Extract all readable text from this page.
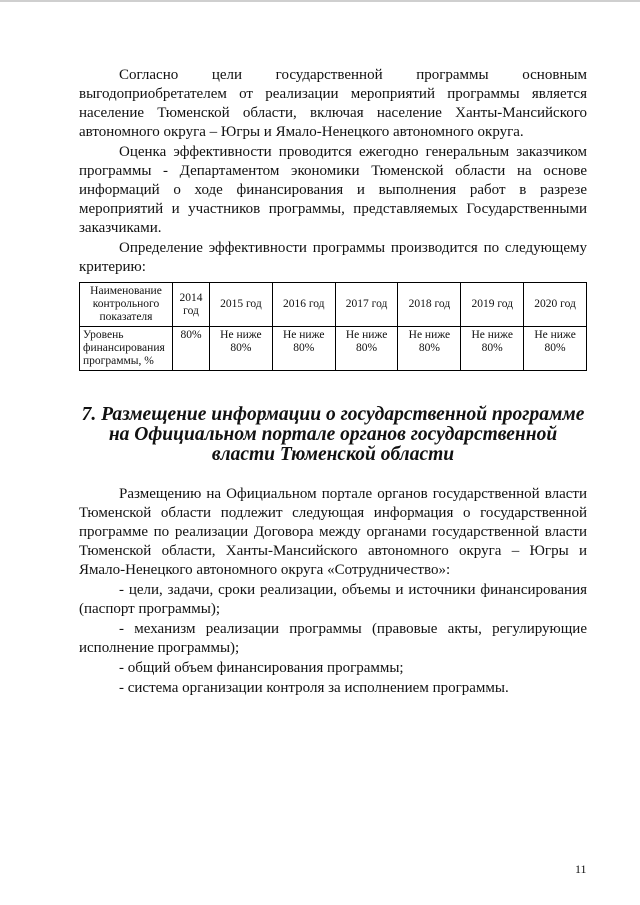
Согласно цели государственной программы основным выгодоприобретателем от реализации мероприятий программы является население Тюменской области, включая население Ханты-Мансийского автономного округа – Югры и Ямало-Ненецкого автономного округа.

Оценка эффективности проводится ежегодно генеральным заказчиком программы - Департаментом экономики Тюменской области на основе информаций о ходе финансирования и выполнения работ в разрезе мероприятий и участников программы, представляемых Государственными заказчиками.

Определение эффективности программы производится по следующему критерию:

Наименование контрольного показателя	2014 год	2015 год	2016 год	2017 год	2018 год	2019 год	2020 год
Уровень финансирования программы, %	80%	Не ниже 80%	Не ниже 80%	Не ниже 80%	Не ниже 80%	Не ниже 80%	Не ниже 80%
7. Размещение информации о государственной программе на Официальном портале органов государственной власти Тюменской области

Размещению на Официальном портале органов государственной власти Тюменской области подлежит следующая информация о государственной программе по реализации Договора между органами государственной власти Тюменской области, Ханты-Мансийского автономного округа – Югры и Ямало-Ненецкого автономного округа «Сотрудничество»:

- цели, задачи, сроки реализации, объемы и источники финансирования (паспорт программы);

- механизм реализации программы (правовые акты, регулирующие исполнение программы);

- общий объем финансирования программы;

- система организации контроля за исполнением программы.

11
